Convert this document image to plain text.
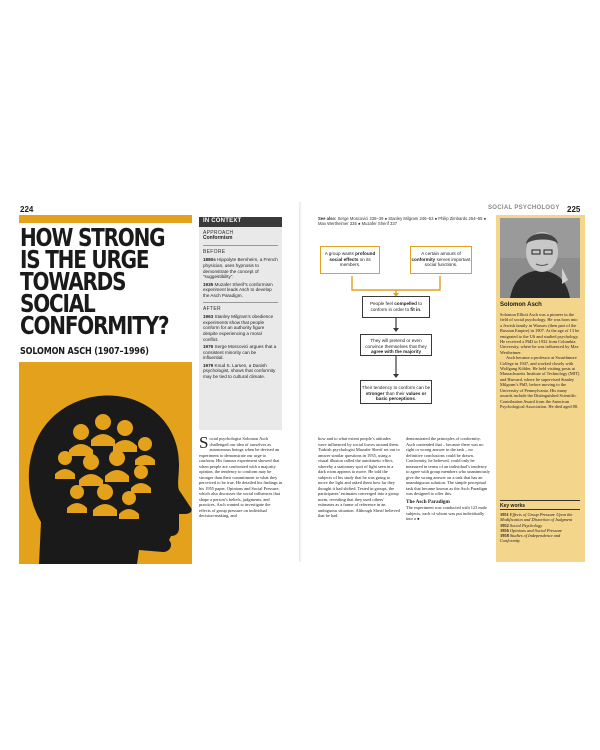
224
HOW STRONG
IS THE URGE
TOWARDS
SOCIAL
CONFORMITY?
SOLOMON ASCH (1907–1996)
IN CONTEXT
APPROACH
Conformism
BEFORE

1880s Hippolyte Bernheim, a French physician, uses hypnosis to demonstrate the concept of “suggestibility”.

1935 Muzafer Sherif’s conformism experiment leads Asch to develop the Asch Paradigm.

AFTER

1963 Stanley Milgram’s obedience experiments show that people conform for an authority figure despite experiencing a moral conflict.

1976 Serge Moscovici argues that a consistent minority can be influential.

1979 Knud S. Larsen, a Danish psychologist, shows that conformity may be tied to cultural climate.

Social psychologist Solomon Asch challenged our idea of ourselves as autonomous beings when he devised an experiment to demonstrate our urge to conform. His famous experiment showed that when people are confronted with a majority opinion, the tendency to conform may be stronger than their commitment to what they perceived to be true. He detailed his findings in his 1955 paper, Opinions and Social Pressure, which also discusses the social influences that shape a person’s beliefs, judgments, and practices. Asch wanted to investigate the effects of group pressure on individual decision-making, and
See also: Serge Moscovici 238–39 ● Stanley Milgram 246–53 ● Philip Zimbardo 254–55 ● Max Wertheimer 335 ● Muzafer Sherif 337
A group wants profound social effects on its members.
A certain amount of conformity serves important social functions.
People feel compelled to conform in order to fit in.
They will pretend or even convince themselves that they agree with the majority
Their tendency to conform can be stronger than their values or basic perceptions.
how and to what extent people’s attitudes were influenced by social forces around them. Turkish psychologist Muzafer Sherif set out to answer similar questions in 1935, using a visual illusion called the autokinetic effect, whereby a stationary spot of light seen in a dark room appears to move. He told the subjects of his study that he was going to move the light and asked them how far they thought it had shifted. Tested in groups, the participants’ estimates converged into a group norm, revealing that they used others’ estimates as a frame of reference in an ambiguous situation. Although Sherif believed that he had

demonstrated the principles of conformity, Asch contended that – because there was no right or wrong answer in the task – no definitive conclusions could be drawn. Conformity, he believed, could only be measured in terms of an individual’s tendency to agree with group members who unanimously give the wrong answer on a task that has an unambiguous solution. The simple perceptual task that became known as the Asch Paradigm was designed to offer this.

The Asch Paradigm

The experiment was conducted with 123 male subjects, each of whom was put individually into a ●

SOCIAL PSYCHOLOGY 225
Solomon Asch

Solomon Elliott Asch was a pioneer in the field of social psychology. He was born into a Jewish family in Warsaw (then part of the Russian Empire) in 1907. At the age of 13 he emigrated to the US and studied psychology. He received a PhD in 1932 from Columbia University, where he was influenced by Max Wertheimer.

Asch became a professor at Swarthmore College in 1947, and worked closely with Wolfgang Köhler. He held visiting posts at Massachusetts Institute of Technology (MIT) and Harvard, where he supervised Stanley Milgram’s PhD, before moving to the University of Pennsylvania. His many awards include the Distinguished Scientific Contribution Award from the American Psychological Association. He died aged 88.

Key works
1951 Effects of Group Pressure Upon the Modification and Distortion of Judgment
1952 Social Psychology
1956 Opinions and Social Pressure
1958 Studies of Independence and Conformity
